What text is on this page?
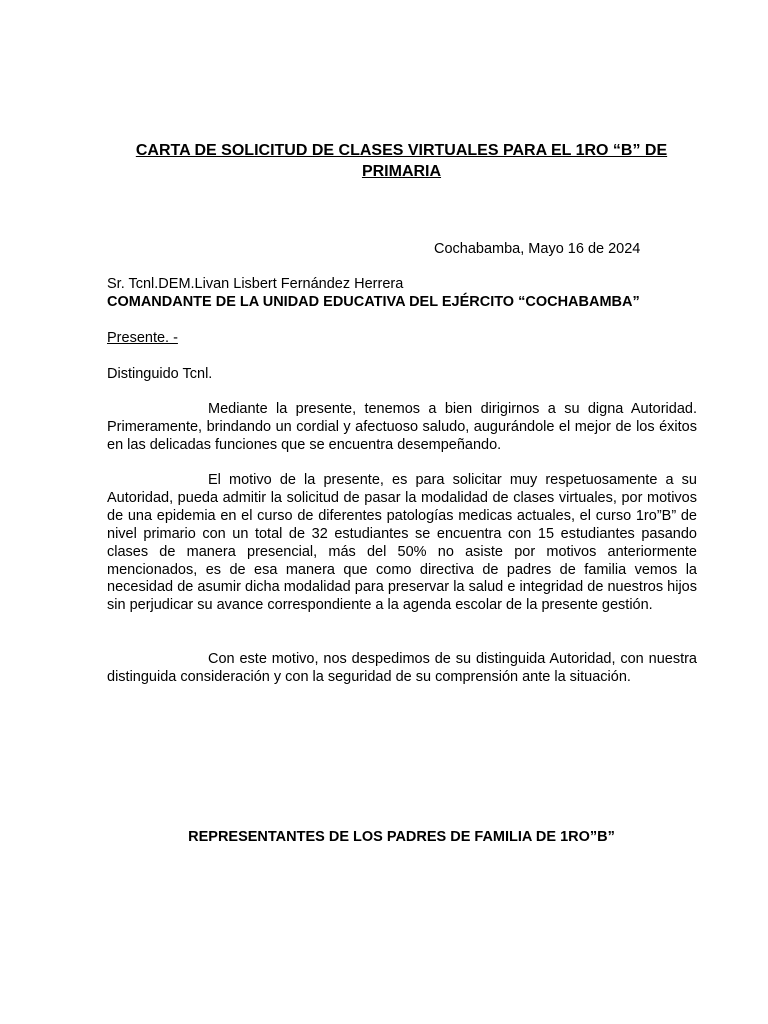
CARTA DE SOLICITUD DE CLASES VIRTUALES PARA EL 1RO “B” DE PRIMARIA
Cochabamba, Mayo 16 de 2024
Sr. Tcnl.DEM.Livan Lisbert Fernández Herrera
COMANDANTE DE LA UNIDAD EDUCATIVA DEL EJÉRCITO “COCHABAMBA”
Presente. -
Distinguido Tcnl.

Mediante la presente, tenemos a bien dirigirnos a su digna Autoridad. Primeramente, brindando un cordial y afectuoso saludo, augurándole el mejor de los éxitos en las delicadas funciones que se encuentra desempeñando.

El motivo de la presente, es para solicitar muy respetuosamente a su Autoridad, pueda admitir la solicitud de pasar la modalidad de clases virtuales, por motivos de una epidemia en el curso de diferentes patologías medicas actuales, el curso 1ro”B” de nivel primario con un total de 32 estudiantes se encuentra con 15 estudiantes pasando clases de manera presencial, más del 50% no asiste por motivos anteriormente mencionados, es de esa manera que como directiva de padres de familia vemos la necesidad de asumir dicha modalidad para preservar la salud e integridad de nuestros hijos sin perjudicar su avance correspondiente a la agenda escolar de la presente gestión.

Con este motivo, nos despedimos de su distinguida Autoridad, con nuestra distinguida consideración y con la seguridad de su comprensión ante la situación.

REPRESENTANTES DE LOS PADRES DE FAMILIA DE 1RO”B”
